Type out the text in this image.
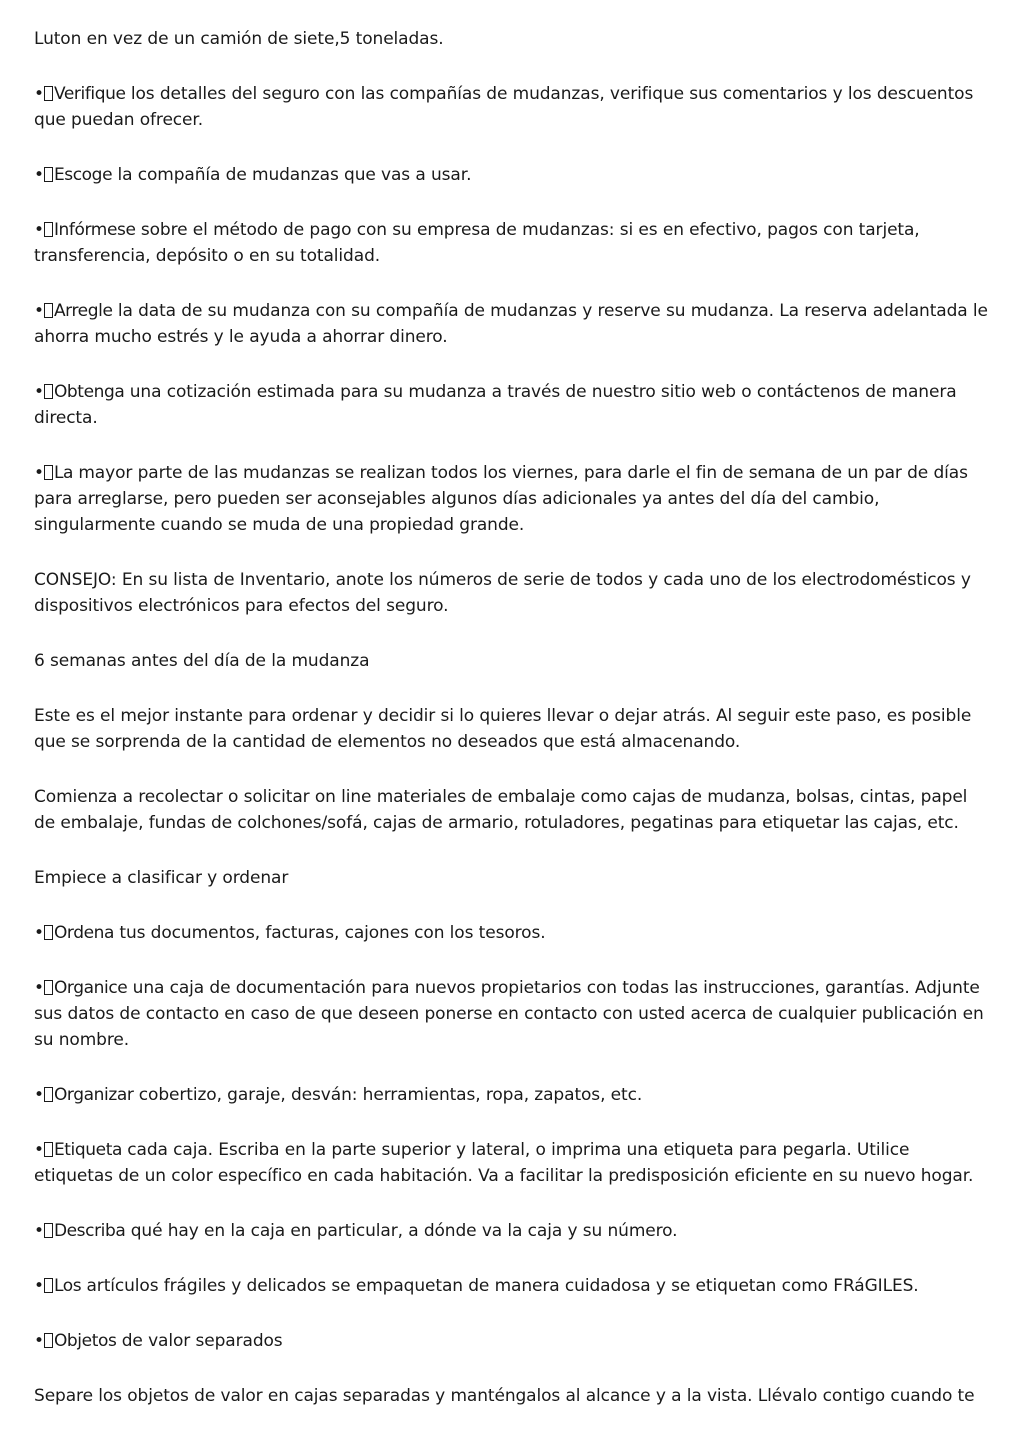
Luton en vez de un camión de siete,5 toneladas.

• Verifique los detalles del seguro con las compañías de mudanzas, verifique sus comentarios y los descuentos que puedan ofrecer.

• Escoge la compañía de mudanzas que vas a usar.

• Infórmese sobre el método de pago con su empresa de mudanzas: si es en efectivo, pagos con tarjeta, transferencia, depósito o en su totalidad.

• Arregle la data de su mudanza con su compañía de mudanzas y reserve su mudanza. La reserva adelantada le ahorra mucho estrés y le ayuda a ahorrar dinero.

• Obtenga una cotización estimada para su mudanza a través de nuestro sitio web o contáctenos de manera directa.

• La mayor parte de las mudanzas se realizan todos los viernes, para darle el fin de semana de un par de días para arreglarse, pero pueden ser aconsejables algunos días adicionales ya antes del día del cambio, singularmente cuando se muda de una propiedad grande.

CONSEJO: En su lista de Inventario, anote los números de serie de todos y cada uno de los electrodomésticos y dispositivos electrónicos para efectos del seguro.

6 semanas antes del día de la mudanza

Este es el mejor instante para ordenar y decidir si lo quieres llevar o dejar atrás. Al seguir este paso, es posible que se sorprenda de la cantidad de elementos no deseados que está almacenando.

Comienza a recolectar o solicitar on line materiales de embalaje como cajas de mudanza, bolsas, cintas, papel de embalaje, fundas de colchones/sofá, cajas de armario, rotuladores, pegatinas para etiquetar las cajas, etc.

Empiece a clasificar y ordenar

• Ordena tus documentos, facturas, cajones con los tesoros.

• Organice una caja de documentación para nuevos propietarios con todas las instrucciones, garantías. Adjunte sus datos de contacto en caso de que deseen ponerse en contacto con usted acerca de cualquier publicación en su nombre.

• Organizar cobertizo, garaje, desván: herramientas, ropa, zapatos, etc.

• Etiqueta cada caja. Escriba en la parte superior y lateral, o imprima una etiqueta para pegarla. Utilice etiquetas de un color específico en cada habitación. Va a facilitar la predisposición eficiente en su nuevo hogar.

• Describa qué hay en la caja en particular, a dónde va la caja y su número.

• Los artículos frágiles y delicados se empaquetan de manera cuidadosa y se etiquetan como FRáGILES.

• Objetos de valor separados

Separe los objetos de valor en cajas separadas y manténgalos al alcance y a la vista. Llévalo contigo cuando te
